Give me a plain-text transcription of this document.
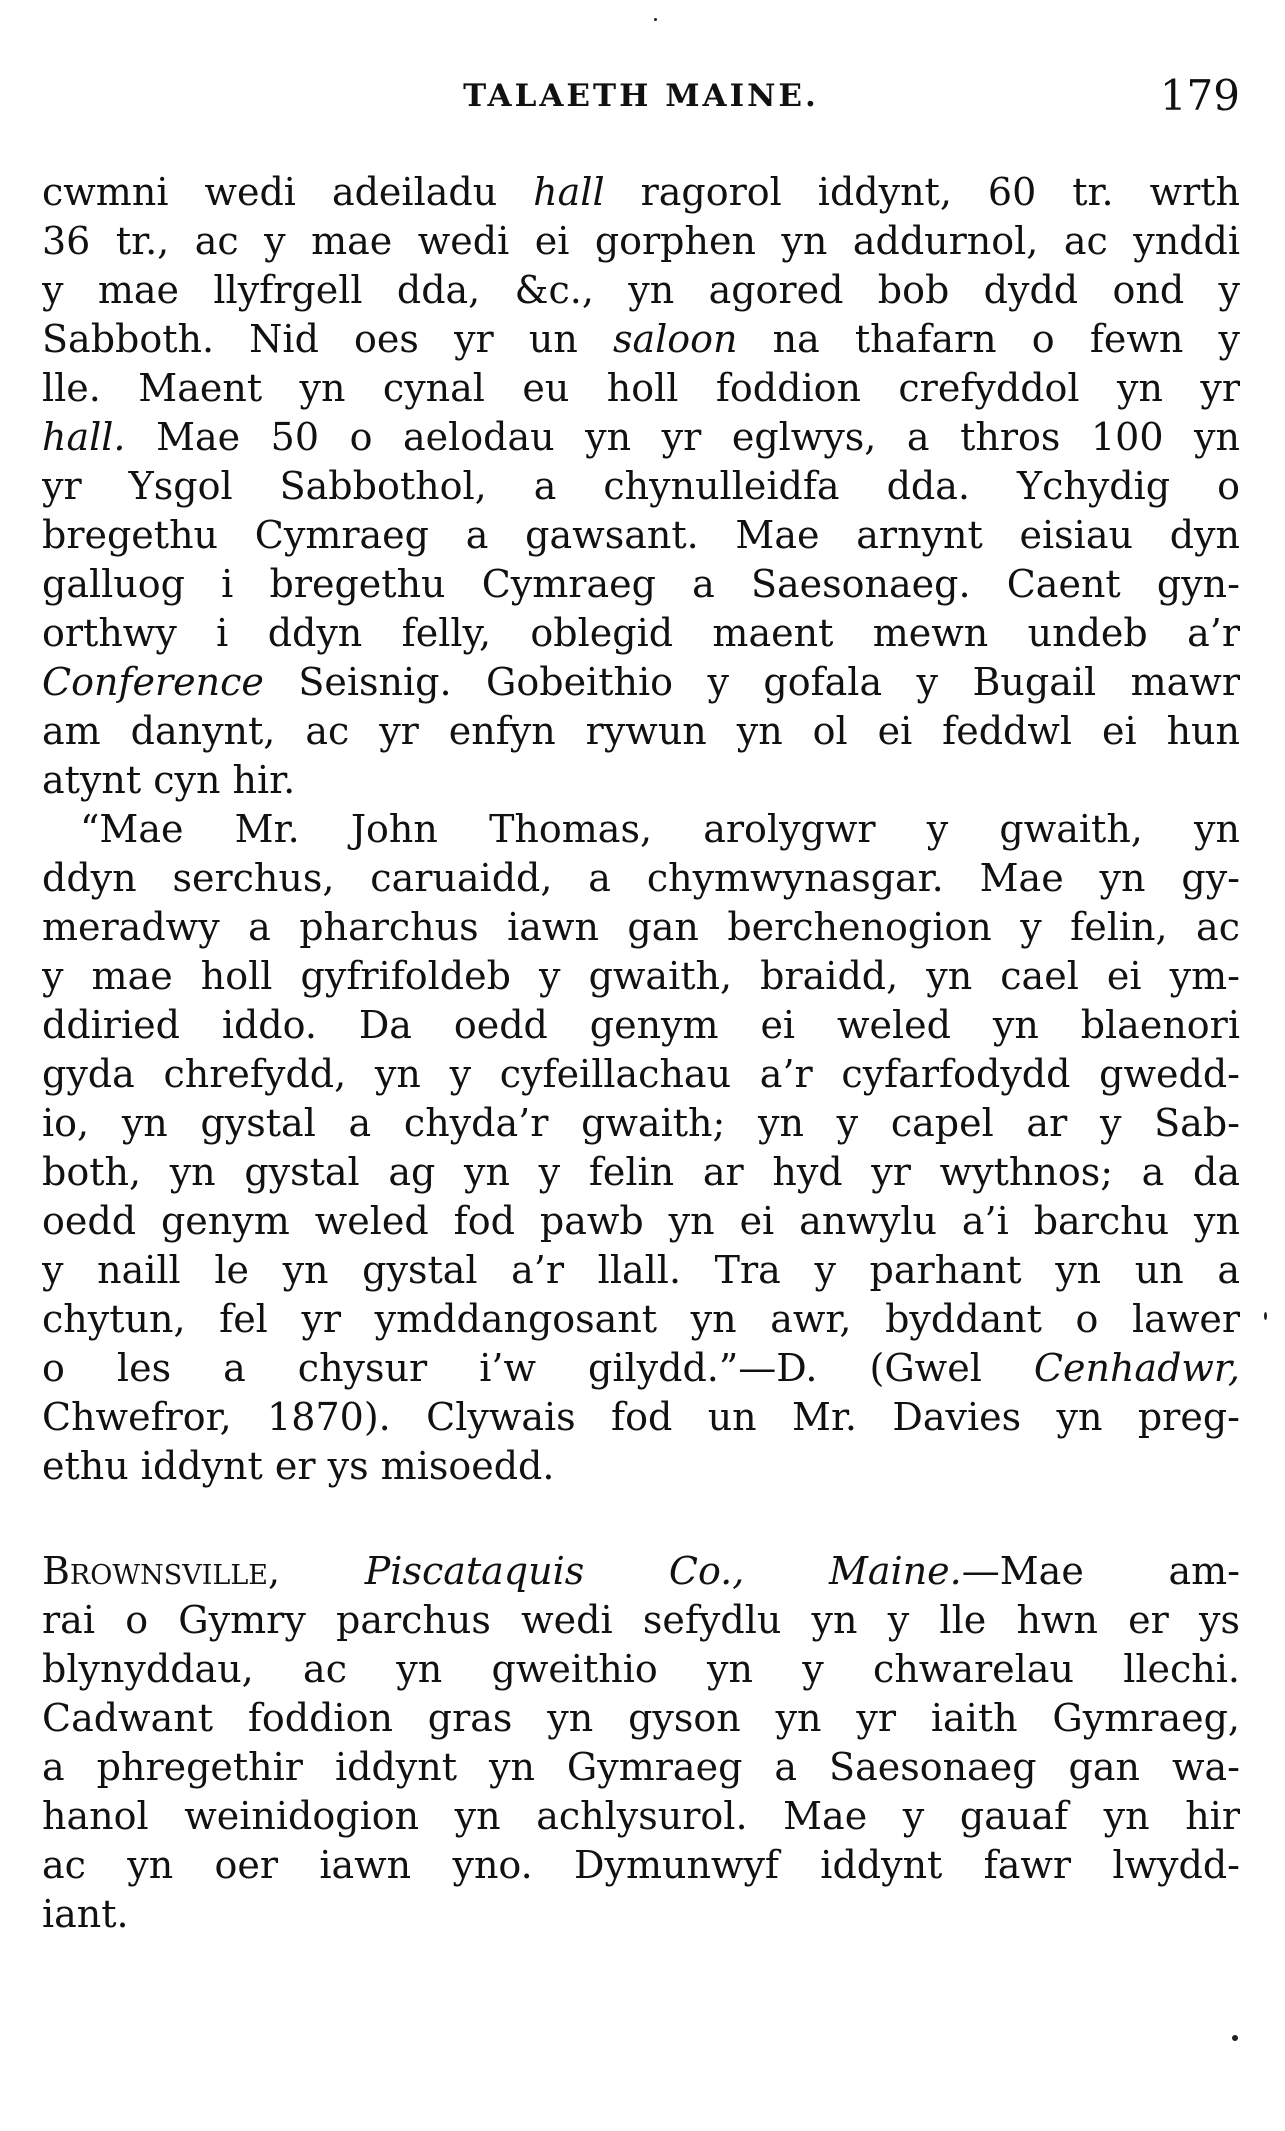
TALAETH MAINE.	179
cwmni wedi adeiladu hall ragorol iddynt, 60 tr. wrth
36 tr., ac y mae wedi ei gorphen yn addurnol, ac ynddi
y mae llyfrgell dda, &c., yn agored bob dydd ond y
Sabboth. Nid oes yr un saloon na thafarn o fewn y
lle. Maent yn cynal eu holl foddion crefyddol yn yr
hall. Mae 50 o aelodau yn yr eglwys, a thros 100 yn
yr Ysgol Sabbothol, a chynulleidfa dda. Ychydig o
bregethu Cymraeg a gawsant. Mae arnynt eisiau dyn
galluog i bregethu Cymraeg a Saesonaeg. Caent gyn-
orthwy i ddyn felly, oblegid maent mewn undeb a’r
Conference Seisnig. Gobeithio y gofala y Bugail mawr
am danynt, ac yr enfyn rywun yn ol ei feddwl ei hun
atynt cyn hir.
“Mae Mr. John Thomas, arolygwr y gwaith, yn
ddyn serchus, caruaidd, a chymwynasgar. Mae yn gy-
meradwy a pharchus iawn gan berchenogion y felin, ac
y mae holl gyfrifoldeb y gwaith, braidd, yn cael ei ym-
ddiried iddo. Da oedd genym ei weled yn blaenori
gyda chrefydd, yn y cyfeillachau a’r cyfarfodydd gwedd-
io, yn gystal a chyda’r gwaith; yn y capel ar y Sab-
both, yn gystal ag yn y felin ar hyd yr wythnos; a da
oedd genym weled fod pawb yn ei anwylu a’i barchu yn
y naill le yn gystal a’r llall. Tra y parhant yn un a
chytun, fel yr ymddangosant yn awr, byddant o lawer
o les a chysur i’w gilydd.”—D. (Gwel Cenhadwr,
Chwefror, 1870). Clywais fod un Mr. Davies yn preg-
ethu iddynt er ys misoedd.
Brownsville, Piscataquis Co., Maine.—Mae am-
rai o Gymry parchus wedi sefydlu yn y lle hwn er ys
blynyddau, ac yn gweithio yn y chwarelau llechi.
Cadwant foddion gras yn gyson yn yr iaith Gymraeg,
a phregethir iddynt yn Gymraeg a Saesonaeg gan wa-
hanol weinidogion yn achlysurol. Mae y gauaf yn hir
ac yn oer iawn yno. Dymunwyf iddynt fawr lwydd-
iant.
